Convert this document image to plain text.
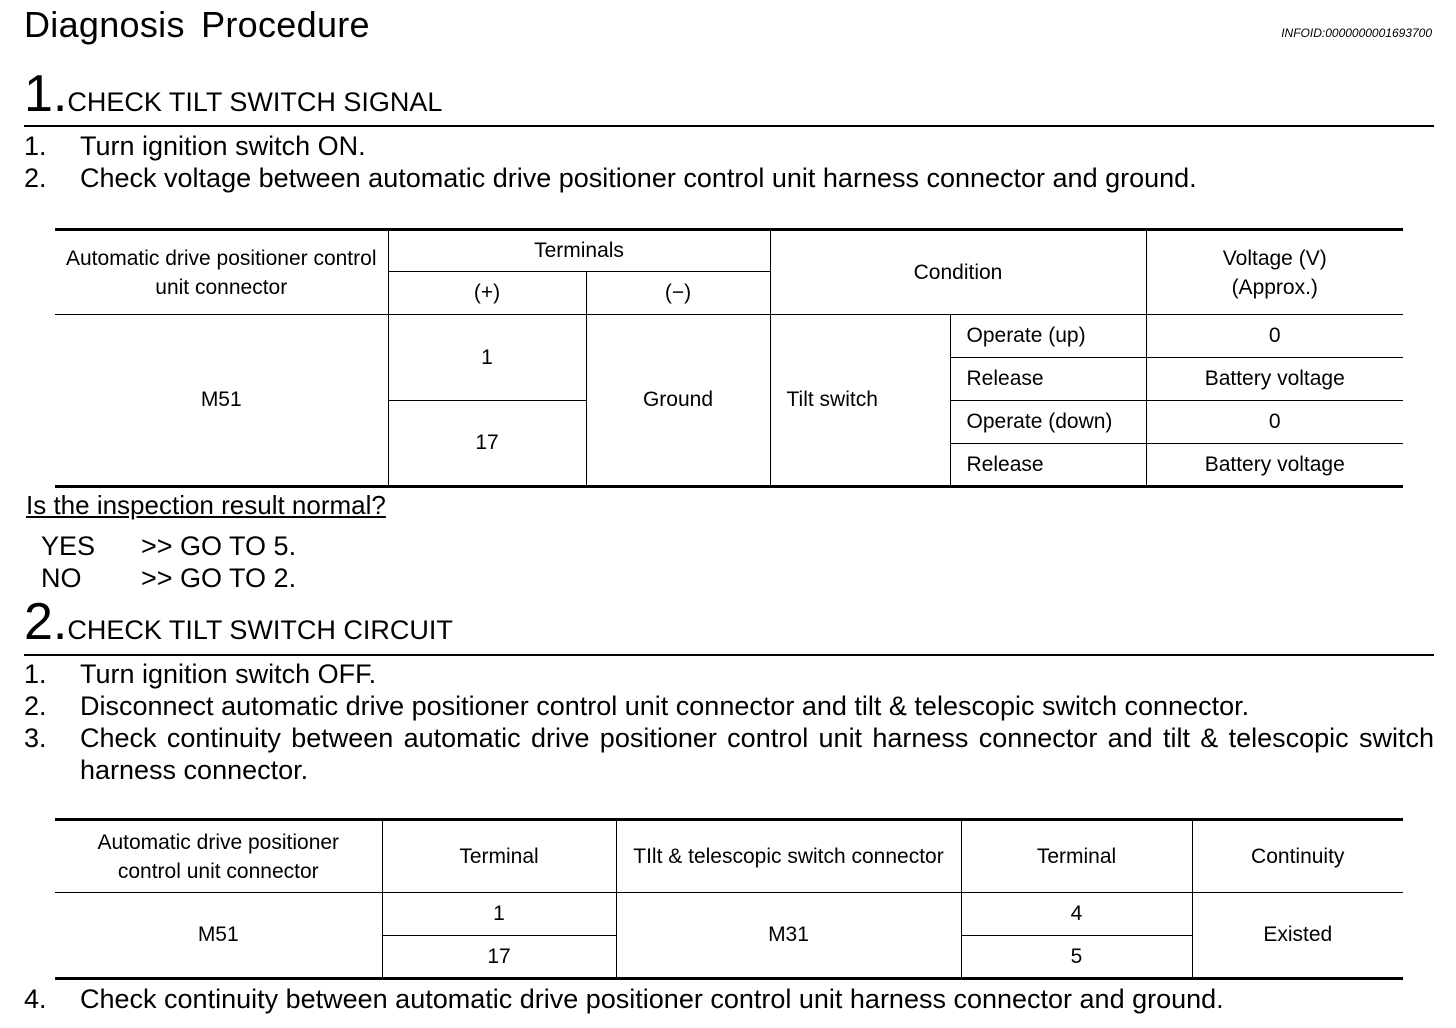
Diagnosis Procedure	INFOID:0000000001693700
1.CHECK TILT SWITCH SIGNAL
1.	Turn ignition switch ON.
2.	Check voltage between automatic drive positioner control unit harness connector and ground.
Automatic drive positioner control unit connector	Terminals		Condition		Voltage (V)
(Approx.)
	(+)	(−)			
M51	1	Ground	Tilt switch	Operate (up)	0
				Release	Battery voltage
	17			Operate (down)	0
				Release	Battery voltage
Is the inspection result normal?
YES	>> GO TO 5.
NO	>> GO TO 2.
2.CHECK TILT SWITCH CIRCUIT
1.	Turn ignition switch OFF.
2.	Disconnect automatic drive positioner control unit connector and tilt & telescopic switch connector.
3.	Check continuity between automatic drive positioner control unit harness connector and tilt & telescopic switch harness connector.
Automatic drive positioner control unit connector	Terminal	TIlt & telescopic switch connector	Terminal	Continuity
M51	1	M31	4	Existed
	17		5	
4.	Check continuity between automatic drive positioner control unit harness connector and ground.
